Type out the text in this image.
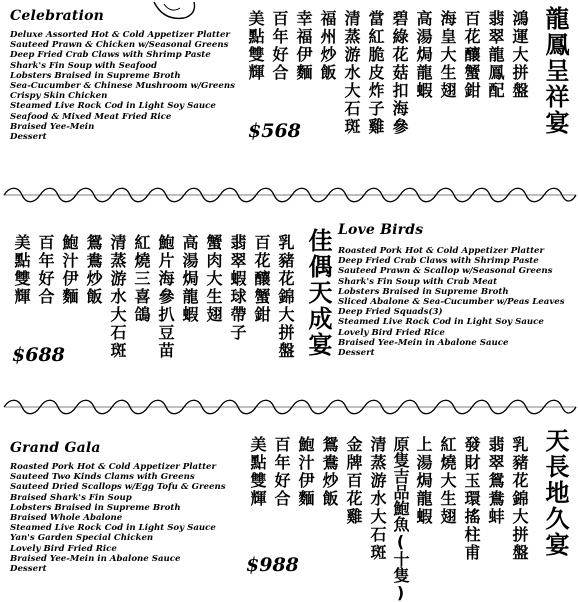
Celebration
Deluxe Assorted Hot & Cold Appetizer Platter
Sauteed Prawn & Chicken w/Seasonal Greens
Deep Fried Crab Claws with Shrimp Paste
Shark's Fin Soup with Seafood
Lobsters Braised in Supreme Broth
Sea-Cucumber & Chinese Mushroom w/Greens
Crispy Skin Chicken
Steamed Live Rock Cod in Light Soy Sauce
Seafood & Mixed Meat Fried Rice
Braised Yee-Mein
Dessert	$568	龍鳳呈祥宴
鴻運大拼盤
翡翠龍鳳配
百花釀蟹鉗
海皇大生翅
高湯焗龍蝦
碧綠花菇扣海參
當紅脆皮炸子雞
清蒸游水大石斑
福州炒飯
幸福伊麵
百年好合
美點雙輝
佳偶天成宴
乳豬花錦大拼盤
百花釀蟹鉗
翡翠蝦球帶子
蟹肉大生翅
高湯焗龍蝦
鮑片海參扒豆苗
紅燒三喜鴿
清蒸游水大石斑
鴛鴦炒飯
鮑汁伊麵
百年好合
美點雙輝
$688
Love Birds
Roasted Pork Hot & Cold Appetizer Platter
Deep Fried Crab Claws with Shrimp Paste
Sauteed Prawn & Scallop w/Seasonal Greens
Shark's Fin Soup with Crab Meat
Lobsters Braised in Supreme Broth
Sliced Abalone & Sea-Cucumber w/Peas Leaves
Deep Fried Squads(3)
Steamed Live Rock Cod in Light Soy Sauce
Lovely Bird Fried Rice
Braised Yee-Mein in Abalone Sauce
Dessert
Grand Gala
Roasted Pork Hot & Cold Appetizer Platter
Sauteed Two Kinds Clams with Greens
Sauteed Dried Scallops w/Egg Tofu & Greens
Braised Shark's Fin Soup
Lobsters Braised in Supreme Broth
Braised Whole Abalone
Steamed Live Rock Cod in Light Soy Sauce
Yan's Garden Special Chicken
Lovely Bird Fried Rice
Braised Yee-Mein in Abalone Sauce
Dessert	$988
天長地久宴
乳豬花錦大拼盤
翡翠鴛鴦蚌
發財玉環搖柱甫
紅燒大生翅
上湯焗龍蝦
原隻吉品鮑魚(十隻)
清蒸游水大石斑
金牌百花雞
鴛鴦炒飯
鮑汁伊麵
百年好合
美點雙輝
